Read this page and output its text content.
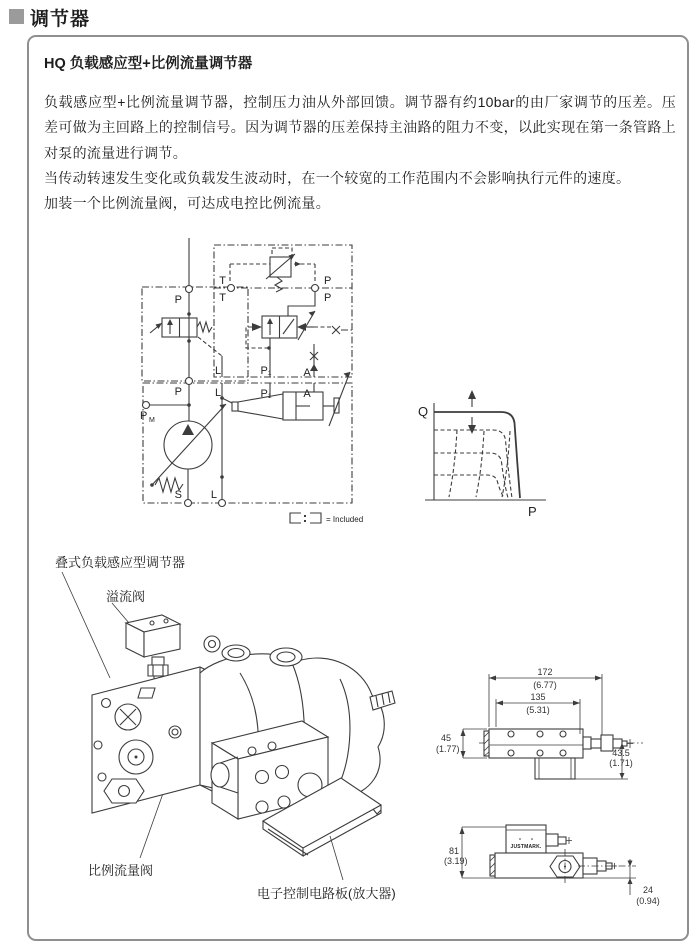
调节器
HQ 负载感应型+比例流量调节器

负载感应型+比例流量调节器，控制压力油从外部回馈。调节器有约10bar的由厂家调节的压差。压差可做为主回路上的控制信号。因为调节器的压差保持主油路的阻力不变，以此实现在第一条管路上对泵的流量进行调节。

当传动转速发生变化或负载发生波动时，在一个较宽的工作范围内不会影响执行元件的速度。

加装一个比例流量阀，可达成电控比例流量。

P
P
T
T
P
P
L	P₁	A
L	P₁	A
P M
S	L
= Included
Q
P
叠式负载感应型调节器
溢流阀
比例流量阀
电子控制电路板(放大器)
172
(6.77)
135
(5.31)
45
(1.77)	43.5
(1.71)
JUSTMARK.
81
(3.19)
24
(0.94)
